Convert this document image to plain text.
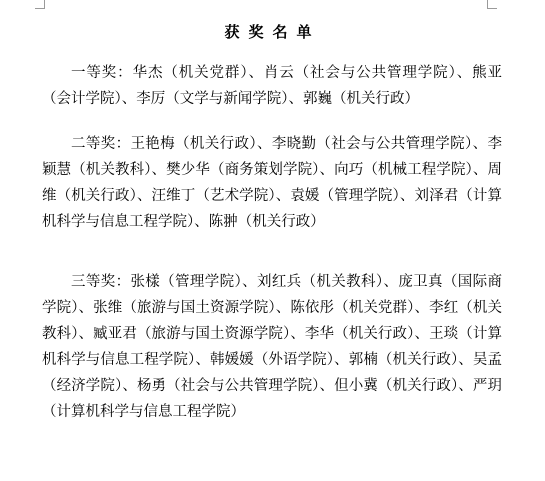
获奖名单

一等奖：华杰（机关党群）、肖云（社会与公共管理学院）、熊亚（会计学院）、李厉（文学与新闻学院）、郭巍（机关行政）

二等奖：王艳梅（机关行政）、李晓勤（社会与公共管理学院）、李颖慧（机关教科）、樊少华（商务策划学院）、向巧（机械工程学院）、周维（机关行政）、汪维丁（艺术学院）、袁媛（管理学院）、刘泽君（计算机科学与信息工程学院）、陈翀（机关行政）

三等奖：张樣（管理学院）、刘红兵（机关教科）、庞卫真（国际商学院）、张维（旅游与国土资源学院）、陈依彤（机关党群）、李红（机关教科）、臧亚君（旅游与国土资源学院）、李华（机关行政）、王琰（计算机科学与信息工程学院）、韩媛媛（外语学院）、郭楠（机关行政）、吴孟（经济学院）、杨勇（社会与公共管理学院）、但小冀（机关行政）、严玥（计算机科学与信息工程学院）
